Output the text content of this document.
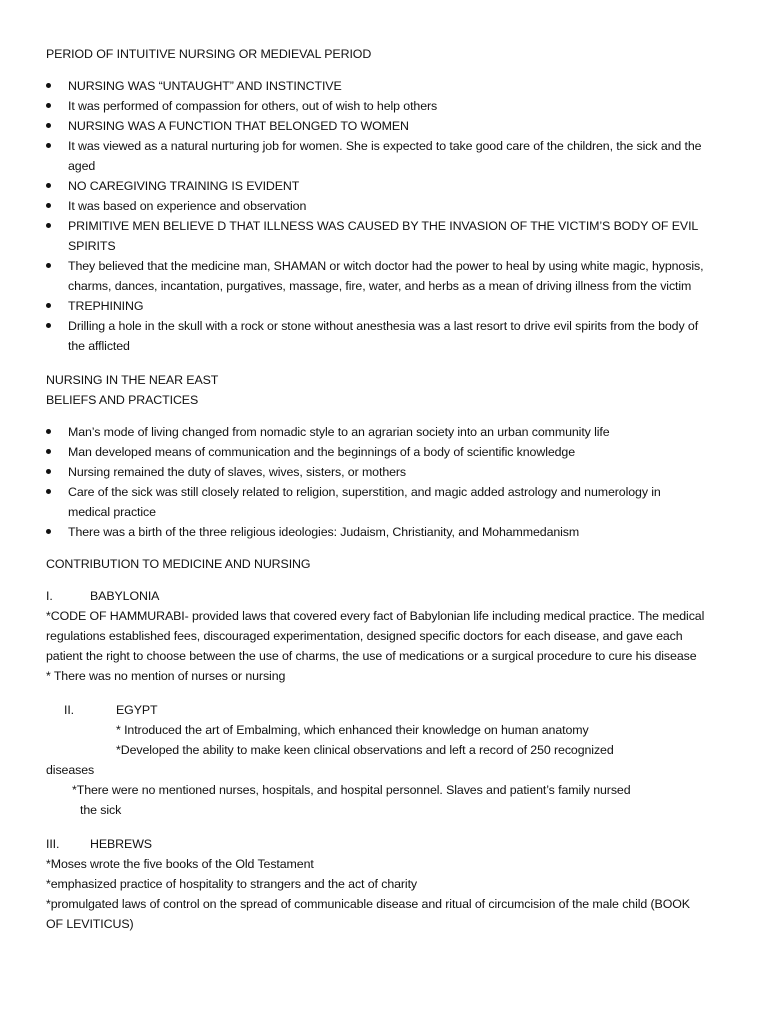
PERIOD OF INTUITIVE NURSING OR MEDIEVAL PERIOD

NURSING WAS “UNTAUGHT” AND INSTINCTIVE
It was performed of compassion for others, out of wish to help others
NURSING WAS A FUNCTION THAT BELONGED TO WOMEN
It was viewed as a natural nurturing job for women. She is expected to take good care of the children, the sick and the aged
NO CAREGIVING TRAINING IS EVIDENT
It was based on experience and observation
PRIMITIVE MEN BELIEVE D THAT ILLNESS WAS CAUSED BY THE INVASION OF THE VICTIM’S BODY OF EVIL SPIRITS
They believed that the medicine man, SHAMAN or witch doctor had the power to heal by using white magic, hypnosis, charms, dances, incantation, purgatives, massage, fire, water, and herbs as a mean of driving illness from the victim
TREPHINING
Drilling a hole in the skull with a rock or stone without anesthesia was a last resort to drive evil spirits from the body of the afflicted

NURSING IN THE NEAR EAST

BELIEFS AND PRACTICES

Man’s mode of living changed from nomadic style to an agrarian society into an urban community life
Man developed means of communication and the beginnings of a body of scientific knowledge
Nursing remained the duty of slaves, wives, sisters, or mothers
Care of the sick was still closely related to religion, superstition, and magic added astrology and numerology in medical practice
There was a birth of the three religious ideologies: Judaism, Christianity, and Mohammedanism

CONTRIBUTION TO MEDICINE AND NURSING

I.	BABYLONIA

*CODE OF HAMMURABI- provided laws that covered every fact of Babylonian life including medical practice. The medical regulations established fees, discouraged experimentation, designed specific doctors for each disease, and gave each patient the right to choose between the use of charms, the use of medications or a surgical procedure to cure his disease

* There was no mention of nurses or nursing

II.	EGYPT

* Introduced the art of Embalming, which enhanced their knowledge on human anatomy

*Developed the ability to make keen clinical observations and left a record of 250 recognized

diseases

*There were no mentioned nurses, hospitals, and hospital personnel. Slaves and patient’s family nursed

the sick

III.	HEBREWS

*Moses wrote the five books of the Old Testament

*emphasized practice of hospitality to strangers and the act of charity

*promulgated laws of control on the spread of communicable disease and ritual of circumcision of the male child (BOOK OF LEVITICUS)
